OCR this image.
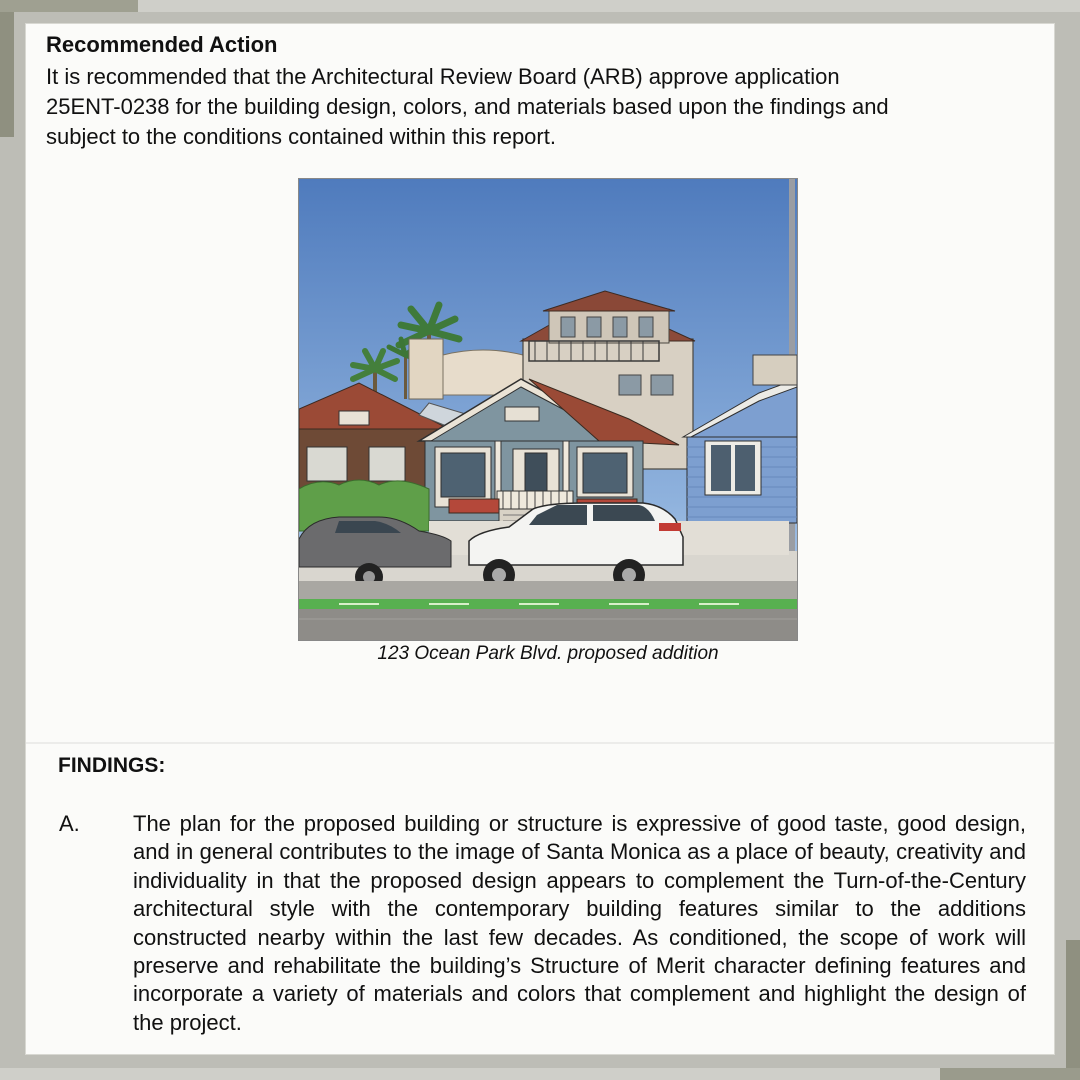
Recommended Action
It is recommended that the Architectural Review Board (ARB) approve application
25ENT-0238 for the building design, colors, and materials based upon the findings and
subject to the conditions contained within this report.
123 Ocean Park Blvd. proposed addition
FINDINGS:
A. The plan for the proposed building or structure is expressive of good taste, good design, and in general contributes to the image of Santa Monica as a place of beauty, creativity and individuality in that the proposed design appears to complement the Turn-of-the-Century architectural style with the contemporary building features similar to the additions constructed nearby within the last few decades. As conditioned, the scope of work will preserve and rehabilitate the building’s Structure of Merit character defining features and incorporate a variety of materials and colors that complement and highlight the design of the project.
